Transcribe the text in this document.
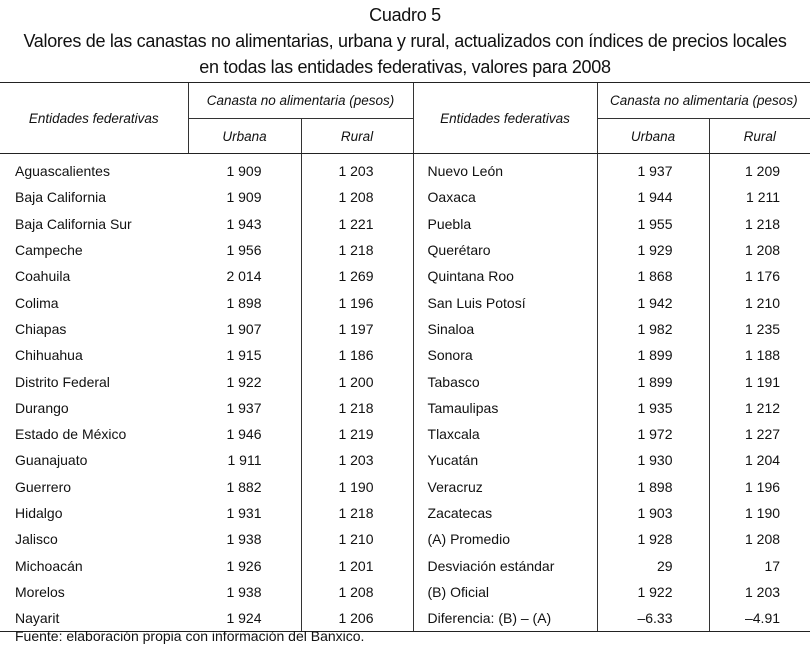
Cuadro 5
Valores de las canastas no alimentarias, urbana y rural, actualizados con índices de precios locales
en todas las entidades federativas, valores para 2008
Entidades federativas	Canasta no alimentaria (pesos)		Entidades federativas	Canasta no alimentaria (pesos)	
	Urbana	Rural		Urbana	Rural
Aguascalientes	1 909	1 203	Nuevo León	1 937	1 209
Baja California	1 909	1 208	Oaxaca	1 944	1 211
Baja California Sur	1 943	1 221	Puebla	1 955	1 218
Campeche	1 956	1 218	Querétaro	1 929	1 208
Coahuila	2 014	1 269	Quintana Roo	1 868	1 176
Colima	1 898	1 196	San Luis Potosí	1 942	1 210
Chiapas	1 907	1 197	Sinaloa	1 982	1 235
Chihuahua	1 915	1 186	Sonora	1 899	1 188
Distrito Federal	1 922	1 200	Tabasco	1 899	1 191
Durango	1 937	1 218	Tamaulipas	1 935	1 212
Estado de México	1 946	1 219	Tlaxcala	1 972	1 227
Guanajuato	1 911	1 203	Yucatán	1 930	1 204
Guerrero	1 882	1 190	Veracruz	1 898	1 196
Hidalgo	1 931	1 218	Zacatecas	1 903	1 190
Jalisco	1 938	1 210	(A) Promedio	1 928	1 208
Michoacán	1 926	1 201	Desviación estándar	29	17
Morelos	1 938	1 208	(B) Oficial	1 922	1 203
Nayarit	1 924	1 206	Diferencia: (B) – (A)	–6.33	–4.91
Fuente: elaboración propia con información del Banxico.
